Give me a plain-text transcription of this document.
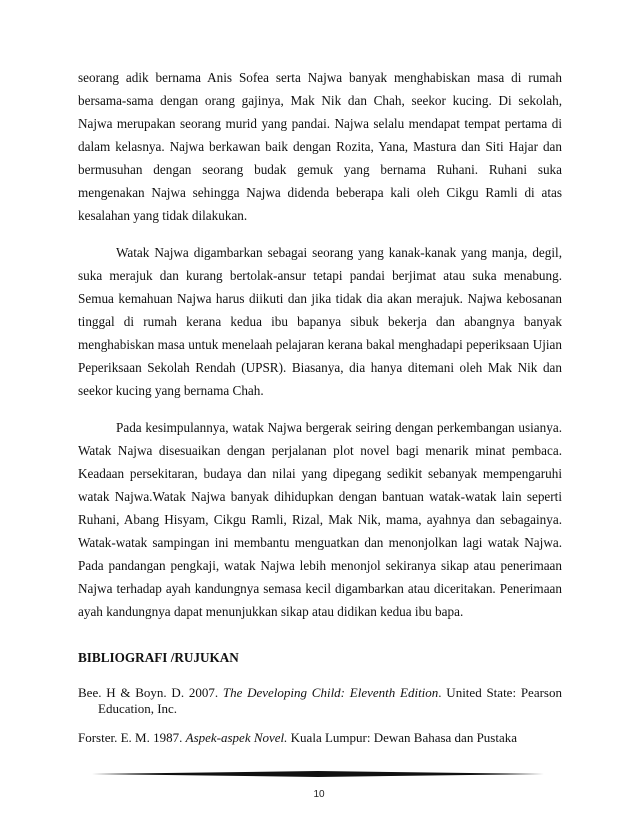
seorang adik bernama Anis Sofea serta Najwa banyak menghabiskan masa di rumah bersama-sama dengan orang gajinya, Mak Nik dan Chah, seekor kucing. Di sekolah, Najwa merupakan seorang murid yang pandai. Najwa selalu mendapat tempat pertama di dalam kelasnya. Najwa berkawan baik dengan Rozita, Yana, Mastura dan Siti Hajar dan bermusuhan dengan seorang budak gemuk yang bernama Ruhani. Ruhani suka mengenakan Najwa sehingga Najwa didenda beberapa kali oleh Cikgu Ramli di atas kesalahan yang tidak dilakukan.

Watak Najwa digambarkan sebagai seorang yang kanak-kanak yang manja, degil, suka merajuk dan kurang bertolak-ansur tetapi pandai berjimat atau suka menabung. Semua kemahuan Najwa harus diikuti dan jika tidak dia akan merajuk. Najwa kebosanan tinggal di rumah kerana kedua ibu bapanya sibuk bekerja dan abangnya banyak menghabiskan masa untuk menelaah pelajaran kerana bakal menghadapi peperiksaan Ujian Peperiksaan Sekolah Rendah (UPSR). Biasanya, dia hanya ditemani oleh Mak Nik dan seekor kucing yang bernama Chah.

Pada kesimpulannya, watak Najwa bergerak seiring dengan perkembangan usianya. Watak Najwa disesuaikan dengan perjalanan plot novel bagi menarik minat pembaca. Keadaan persekitaran, budaya dan nilai yang dipegang sedikit sebanyak mempengaruhi watak Najwa.Watak Najwa banyak dihidupkan dengan bantuan watak-watak lain seperti Ruhani, Abang Hisyam, Cikgu Ramli, Rizal, Mak Nik, mama, ayahnya dan sebagainya. Watak-watak sampingan ini membantu menguatkan dan menonjolkan lagi watak Najwa. Pada pandangan pengkaji, watak Najwa lebih menonjol sekiranya sikap atau penerimaan Najwa terhadap ayah kandungnya semasa kecil digambarkan atau diceritakan. Penerimaan ayah kandungnya dapat menunjukkan sikap atau didikan kedua ibu bapa.

BIBLIOGRAFI /RUJUKAN

Bee. H & Boyn. D. 2007. The Developing Child: Eleventh Edition. United State: Pearson Education, Inc.

Forster. E. M. 1987. Aspek-aspek Novel. Kuala Lumpur: Dewan Bahasa dan Pustaka

10
